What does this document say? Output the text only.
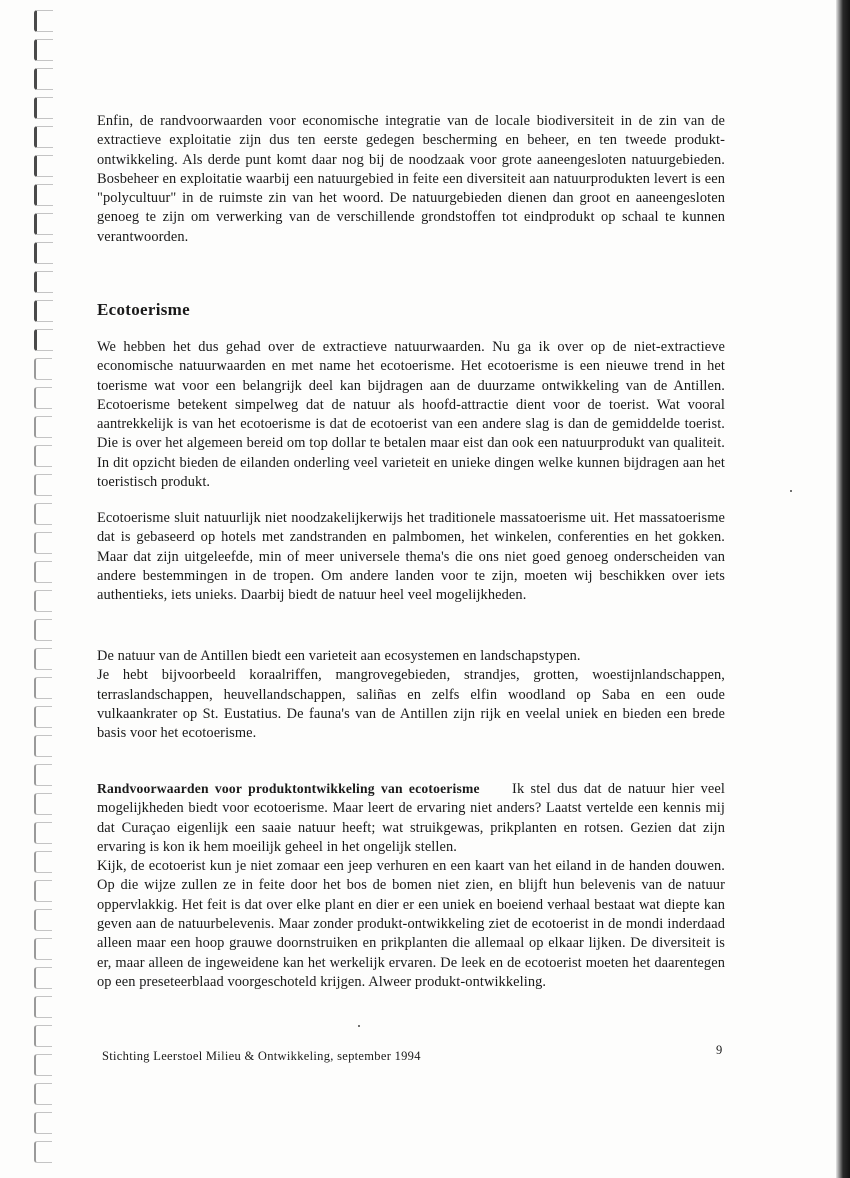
Enfin, de randvoorwaarden voor economische integratie van de locale biodiversiteit in de zin van de extractieve exploitatie zijn dus ten eerste gedegen bescherming en beheer, en ten tweede produkt- ontwikkeling. Als derde punt komt daar nog bij de noodzaak voor grote aaneengesloten natuurgebieden. Bosbeheer en exploitatie waarbij een natuurgebied in feite een diversiteit aan natuurprodukten levert is een "polycultuur" in de ruimste zin van het woord. De natuurgebieden dienen dan groot en aaneengesloten genoeg te zijn om verwerking van de verschillende grondstoffen tot eindprodukt op schaal te kunnen verantwoorden.

Ecotoerisme

We hebben het dus gehad over de extractieve natuurwaarden. Nu ga ik over op de niet-extractieve economische natuurwaarden en met name het ecotoerisme. Het ecotoerisme is een nieuwe trend in het toerisme wat voor een belangrijk deel kan bijdragen aan de duurzame ontwikkeling van de Antillen. Ecotoerisme betekent simpelweg dat de natuur als hoofd-attractie dient voor de toerist. Wat vooral aantrekkelijk is van het ecotoerisme is dat de ecotoerist van een andere slag is dan de gemiddelde toerist. Die is over het algemeen bereid om top dollar te betalen maar eist dan ook een natuurprodukt van qualiteit. In dit opzicht bieden de eilanden onderling veel varieteit en unieke dingen welke kunnen bijdragen aan het toeristisch produkt.

Ecotoerisme sluit natuurlijk niet noodzakelijkerwijs het traditionele massatoerisme uit. Het massatoerisme dat is gebaseerd op hotels met zandstranden en palmbomen, het winkelen, conferenties en het gokken. Maar dat zijn uitgeleefde, min of meer universele thema's die ons niet goed genoeg onderscheiden van andere bestemmingen in de tropen. Om andere landen voor te zijn, moeten wij beschikken over iets authentieks, iets unieks. Daarbij biedt de natuur heel veel mogelijkheden.

De natuur van de Antillen biedt een varieteit aan ecosystemen en landschapstypen.
Je hebt bijvoorbeeld koraalriffen, mangrovegebieden, strandjes, grotten, woestijnlandschappen, terraslandschappen, heuvellandschappen, saliñas en zelfs elfin woodland op Saba en een oude vulkaankrater op St. Eustatius. De fauna's van de Antillen zijn rijk en veelal uniek en bieden een brede basis voor het ecotoerisme.
Randvoorwaarden voor produktontwikkeling van ecotoerisme Ik stel dus dat de natuur hier veel mogelijkheden biedt voor ecotoerisme. Maar leert de ervaring niet anders? Laatst vertelde een kennis mij dat Curaçao eigenlijk een saaie natuur heeft; wat struikgewas, prikplanten en rotsen. Gezien dat zijn ervaring is kon ik hem moeilijk geheel in het ongelijk stellen.
Kijk, de ecotoerist kun je niet zomaar een jeep verhuren en een kaart van het eiland in de handen douwen. Op die wijze zullen ze in feite door het bos de bomen niet zien, en blijft hun belevenis van de natuur oppervlakkig. Het feit is dat over elke plant en dier er een uniek en boeiend verhaal bestaat wat diepte kan geven aan de natuurbelevenis. Maar zonder produkt-ontwikkeling ziet de ecotoerist in de mondi inderdaad alleen maar een hoop grauwe doornstruiken en prikplanten die allemaal op elkaar lijken. De diversiteit is er, maar alleen de ingeweidene kan het werkelijk ervaren. De leek en de ecotoerist moeten het daarentegen op een preseteerblaad voorgeschoteld krijgen. Alweer produkt-ontwikkeling.
Stichting Leerstoel Milieu & Ontwikkeling, september 1994	9
